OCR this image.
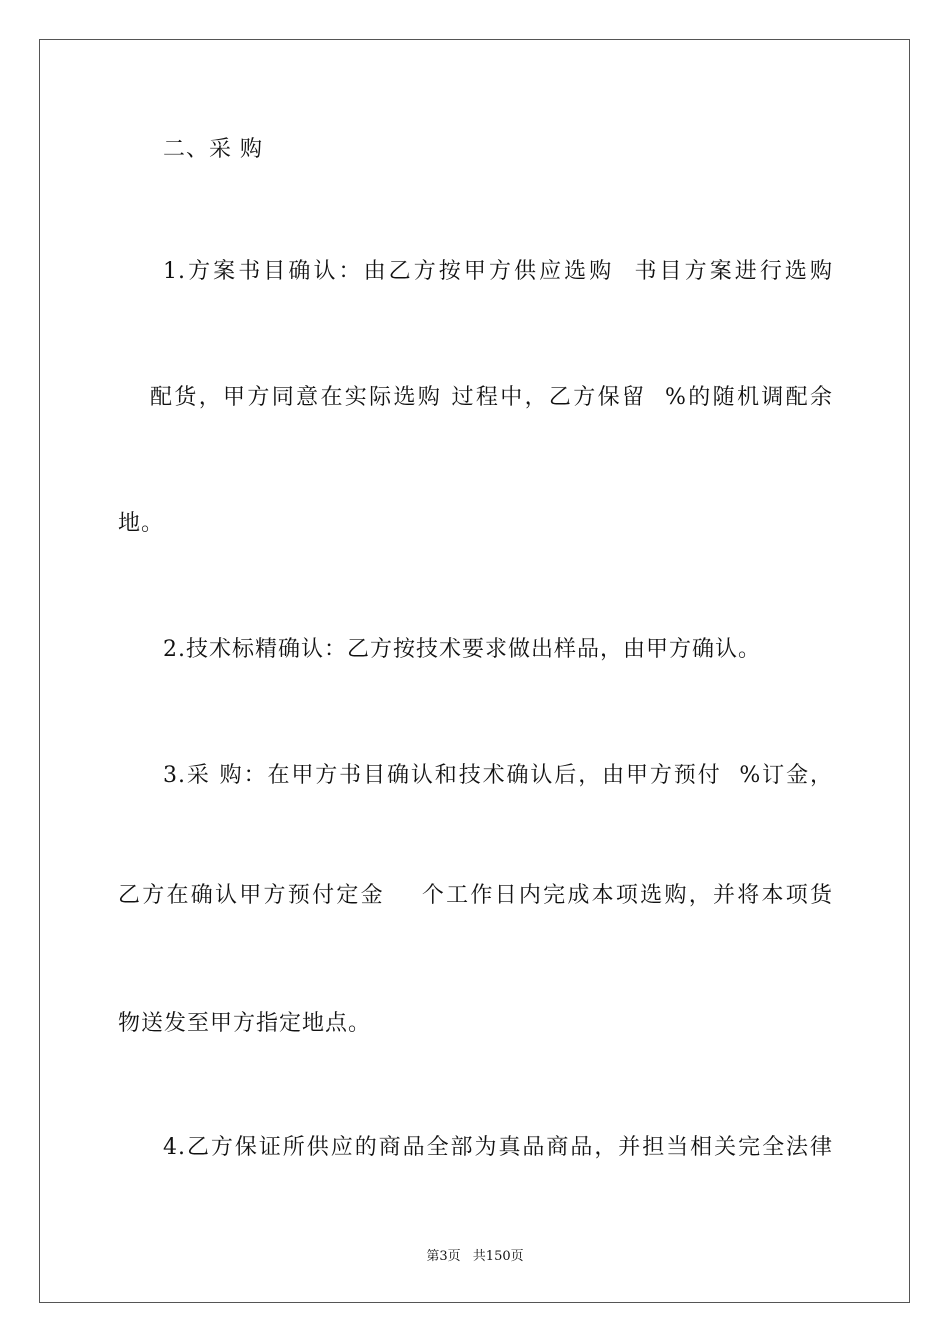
二、采 购
1.方案书目确认：由乙方按甲方供应选购  书目方案进行选购
配货，甲方同意在实际选购 过程中，乙方保留  %的随机调配余
地。
2.技术标精确认：乙方按技术要求做出样品，由甲方确认。
3.采 购：在甲方书目确认和技术确认后，由甲方预付  %订金，
乙方在确认甲方预付定金    个工作日内完成本项选购，并将本项货
物送发至甲方指定地点。
4.乙方保证所供应的商品全部为真品商品，并担当相关完全法律
第3页 共150页
